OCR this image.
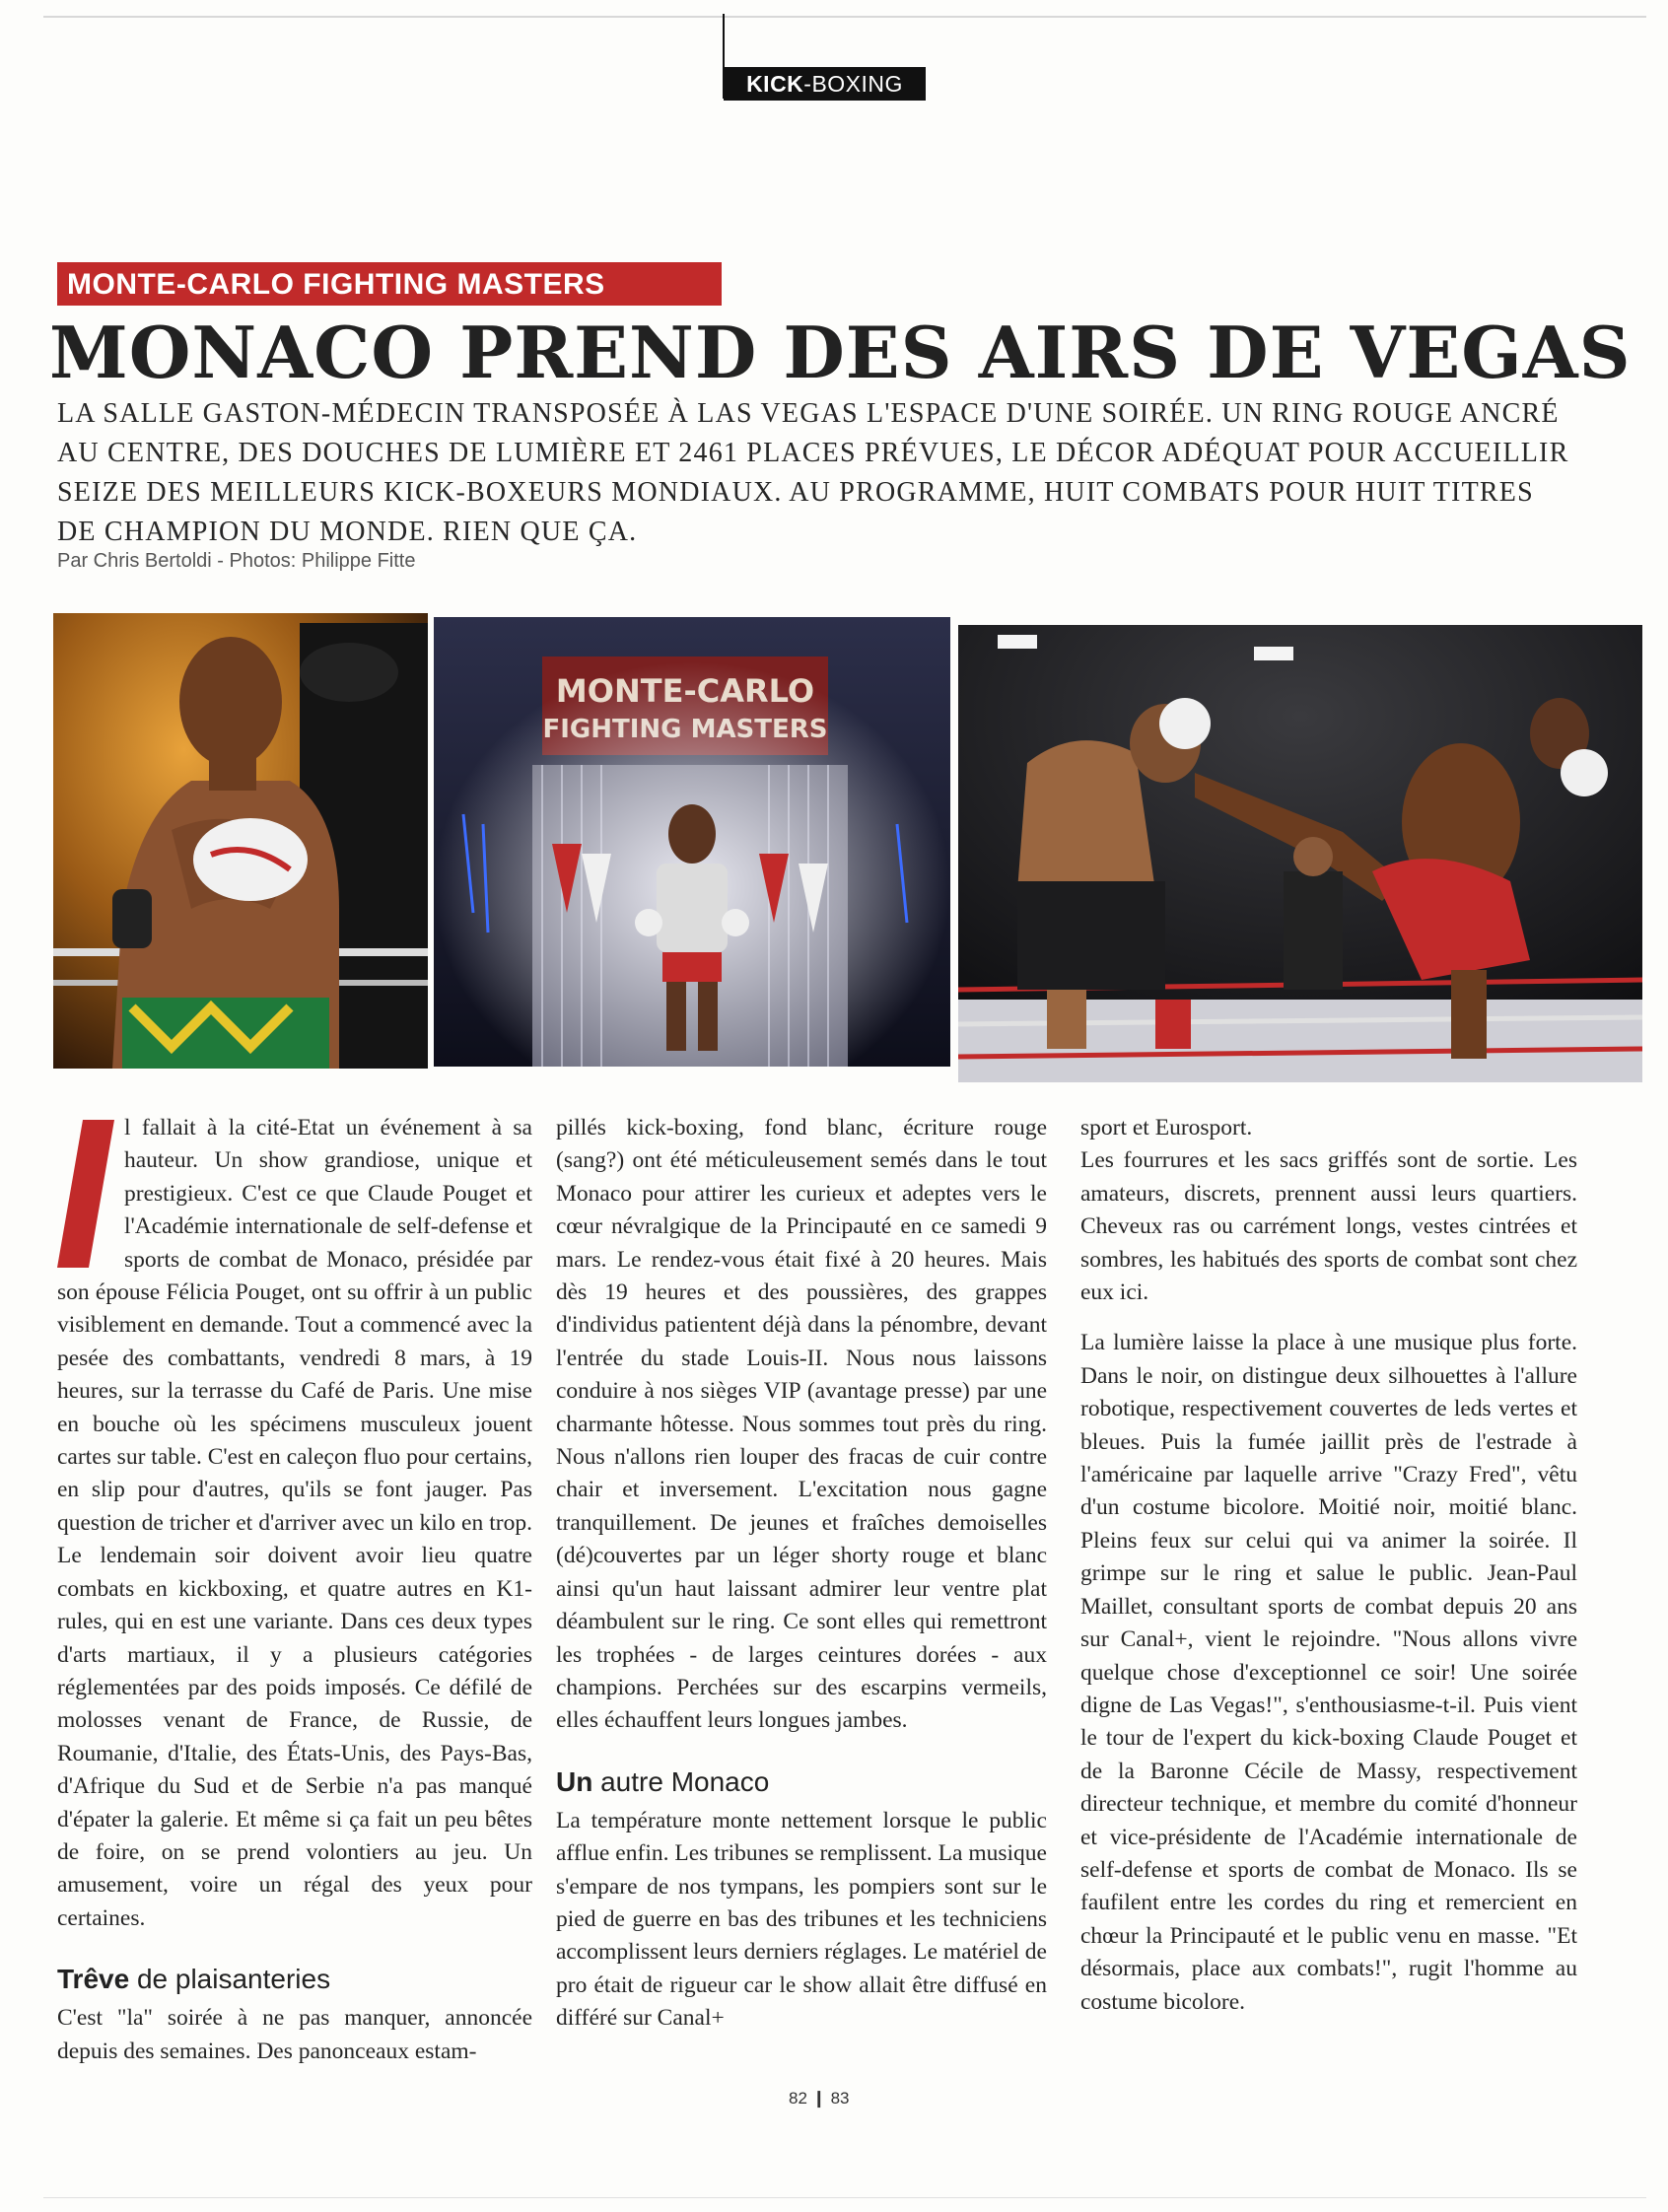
KICK-BOXING
MONTE-CARLO FIGHTING MASTERS
MONACO PREND DES AIRS DE VEGAS

LA SALLE GASTON-MÉDECIN TRANSPOSÉE À LAS VEGAS L'ESPACE D'UNE SOIRÉE. UN RING ROUGE ANCRÉ AU CENTRE, DES DOUCHES DE LUMIÈRE ET 2461 PLACES PRÉVUES, LE DÉCOR ADÉQUAT POUR ACCUEILLIR SEIZE DES MEILLEURS KICK-BOXEURS MONDIAUX. AU PROGRAMME, HUIT COMBATS POUR HUIT TITRES DE CHAMPION DU MONDE. RIEN QUE ÇA.

Par Chris Bertoldi - Photos: Philippe Fitte

l fallait à la cité-Etat un événement à sa hauteur. Un show grandiose, unique et prestigieux. C'est ce que Claude Pouget et l'Académie internationale de self-defense et sports de combat de Monaco, présidée par son épouse Félicia Pouget, ont su offrir à un public visiblement en demande. Tout a commencé avec la pesée des combattants, vendredi 8 mars, à 19 heures, sur la terrasse du Café de Paris. Une mise en bouche où les spécimens musculeux jouent cartes sur table. C'est en caleçon fluo pour certains, en slip pour d'autres, qu'ils se font jauger. Pas question de tricher et d'arriver avec un kilo en trop. Le lendemain soir doivent avoir lieu quatre combats en kickboxing, et quatre autres en K1-rules, qui en est une variante. Dans ces deux types d'arts martiaux, il y a plusieurs catégories réglementées par des poids imposés. Ce défilé de molosses venant de France, de Russie, de Roumanie, d'Italie, des États-Unis, des Pays-Bas, d'Afrique du Sud et de Serbie n'a pas manqué d'épater la galerie. Et même si ça fait un peu bêtes de foire, on se prend volontiers au jeu. Un amusement, voire un régal des yeux pour certaines.

Trêve de plaisanteries

C'est "la" soirée à ne pas manquer, annoncée depuis des semaines. Des panonceaux estam-

pillés kick-boxing, fond blanc, écriture rouge (sang?) ont été méticuleusement semés dans le tout Monaco pour attirer les curieux et adeptes vers le cœur névralgique de la Principauté en ce samedi 9 mars. Le rendez-vous était fixé à 20 heures. Mais dès 19 heures et des poussières, des grappes d'individus patientent déjà dans la pénombre, devant l'entrée du stade Louis-II. Nous nous laissons conduire à nos sièges VIP (avantage presse) par une charmante hôtesse. Nous sommes tout près du ring. Nous n'allons rien louper des fracas de cuir contre chair et inversement. L'excitation nous gagne tranquillement. De jeunes et fraîches demoiselles (dé)couvertes par un léger shorty rouge et blanc ainsi qu'un haut laissant admirer leur ventre plat déambulent sur le ring. Ce sont elles qui remettront les trophées - de larges ceintures dorées - aux champions. Perchées sur des escarpins vermeils, elles échauffent leurs longues jambes.

Un autre Monaco

La température monte nettement lorsque le public afflue enfin. Les tribunes se remplissent. La musique s'empare de nos tympans, les pompiers sont sur le pied de guerre en bas des tribunes et les techniciens accomplissent leurs derniers réglages. Le matériel de pro était de rigueur car le show allait être diffusé en différé sur Canal+

sport et Eurosport.

Les fourrures et les sacs griffés sont de sortie. Les amateurs, discrets, prennent aussi leurs quartiers. Cheveux ras ou carrément longs, vestes cintrées et sombres, les habitués des sports de combat sont chez eux ici.

La lumière laisse la place à une musique plus forte. Dans le noir, on distingue deux silhouettes à l'allure robotique, respectivement couvertes de leds vertes et bleues. Puis la fumée jaillit près de l'estrade à l'américaine par laquelle arrive "Crazy Fred", vêtu d'un costume bicolore. Moitié noir, moitié blanc. Pleins feux sur celui qui va animer la soirée. Il grimpe sur le ring et salue le public. Jean-Paul Maillet, consultant sports de combat depuis 20 ans sur Canal+, vient le rejoindre. "Nous allons vivre quelque chose d'exceptionnel ce soir! Une soirée digne de Las Vegas!", s'enthousiasme-t-il. Puis vient le tour de l'expert du kick-boxing Claude Pouget et de la Baronne Cécile de Massy, respectivement directeur technique, et membre du comité d'honneur et vice-présidente de l'Académie internationale de self-defense et sports de combat de Monaco. Ils se faufilent entre les cordes du ring et remercient en chœur la Principauté et le public venu en masse. "Et désormais, place aux combats!", rugit l'homme au costume bicolore.

82 ❙ 83
